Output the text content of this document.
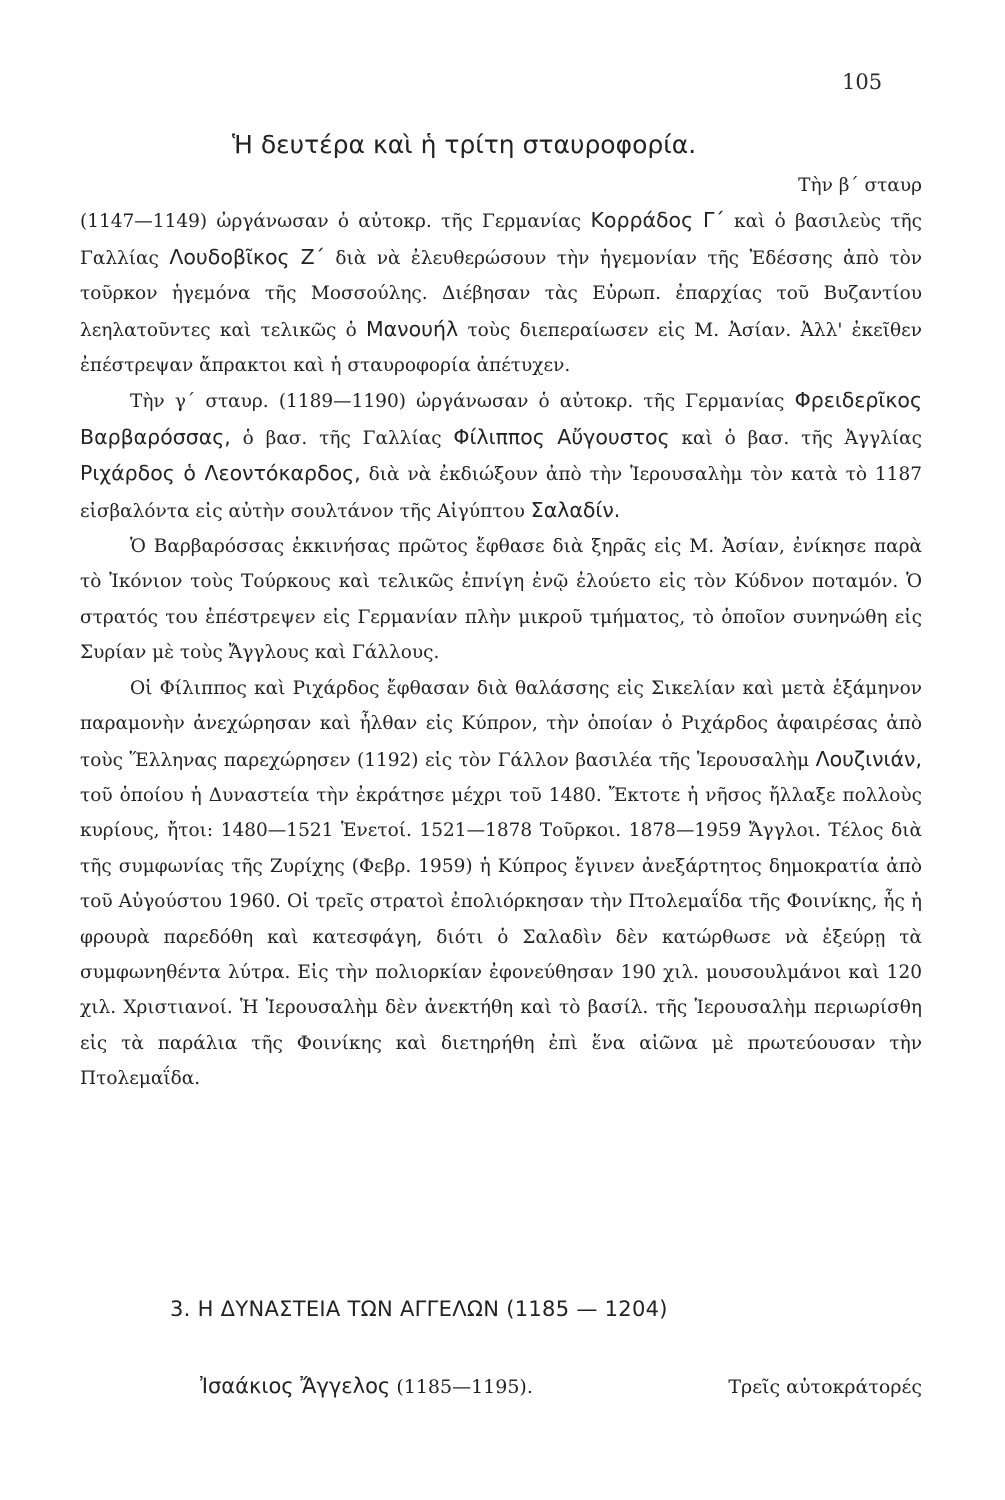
105
Ἡ δευτέρα καὶ ἡ τρίτη σταυροφορία.

Τὴν β΄ σταυρ

(1147—1149) ὠργάνωσαν ὁ αὐτοκρ. τῆς Γερμανίας Κορράδος Γ΄ καὶ ὁ βασιλεὺς τῆς Γαλλίας Λουδοβῖκος Ζ΄ διὰ νὰ ἐλευθερώσουν τὴν ἡγεμονίαν τῆς Ἐδέσσης ἀπὸ τὸν τοῦρκον ἡγεμόνα τῆς Μοσσούλης. Διέβησαν τὰς Εὐρωπ. ἐπαρχίας τοῦ Βυζαντίου λεηλατοῦντες καὶ τελικῶς ὁ Μανουήλ τοὺς διεπεραίωσεν εἰς Μ. Ἀσίαν. Ἀλλ' ἐκεῖθεν ἐπέστρεψαν ἄπρακτοι καὶ ἡ σταυροφορία ἀπέτυχεν.

Τὴν γ΄ σταυρ. (1189—1190) ὠργάνωσαν ὁ αὐτοκρ. τῆς Γερμανίας Φρειδερῖκος Βαρβαρόσσας, ὁ βασ. τῆς Γαλλίας Φίλιππος Αὔγουστος καὶ ὁ βασ. τῆς Ἀγγλίας Ριχάρδος ὁ Λεοντόκαρδος, διὰ νὰ ἐκδιώξουν ἀπὸ τὴν Ἱερουσαλὴμ τὸν κατὰ τὸ 1187 εἰσβαλόντα εἰς αὐτὴν σουλτάνον τῆς Αἰγύπτου Σαλαδίν.

Ὁ Βαρβαρόσσας ἐκκινήσας πρῶτος ἔφθασε διὰ ξηρᾶς εἰς Μ. Ἀσίαν, ἐνίκησε παρὰ τὸ Ἰκόνιον τοὺς Τούρκους καὶ τελικῶς ἐπνίγη ἐνῷ ἐλούετο εἰς τὸν Κύδνον ποταμόν. Ὁ στρατός του ἐπέστρεψεν εἰς Γερμανίαν πλὴν μικροῦ τμήματος, τὸ ὁποῖον συνηνώθη εἰς Συρίαν μὲ τοὺς Ἄγγλους καὶ Γάλλους.

Οἱ Φίλιππος καὶ Ριχάρδος ἔφθασαν διὰ θαλάσσης εἰς Σικελίαν καὶ μετὰ ἑξάμηνον παραμονὴν ἀνεχώρησαν καὶ ἦλθαν εἰς Κύπρον, τὴν ὁποίαν ὁ Ριχάρδος ἀφαιρέσας ἀπὸ τοὺς Ἕλληνας παρεχώρησεν (1192) εἰς τὸν Γάλλον βασιλέα τῆς Ἱερουσαλὴμ Λουζινιάν, τοῦ ὁποίου ἡ Δυναστεία τὴν ἐκράτησε μέχρι τοῦ 1480. Ἔκτοτε ἡ νῆσος ἤλλαξε πολλοὺς κυρίους, ἤτοι: 1480—1521 Ἑνετοί. 1521—1878 Τοῦρκοι. 1878—1959 Ἄγγλοι. Τέλος διὰ τῆς συμφωνίας τῆς Ζυρίχης (Φεβρ. 1959) ἡ Κύπρος ἔγινεν ἀνεξάρτητος δημοκρατία ἀπὸ τοῦ Αὐγούστου 1960. Οἱ τρεῖς στρατοὶ ἐπολιόρκησαν τὴν Πτολεμαΐδα τῆς Φοινίκης, ἧς ἡ φρουρὰ παρεδόθη καὶ κατεσφάγη, διότι ὁ Σαλαδὶν δὲν κατώρθωσε νὰ ἐξεύρῃ τὰ συμφωνηθέντα λύτρα. Εἰς τὴν πολιορκίαν ἐφονεύθησαν 190 χιλ. μουσουλμάνοι καὶ 120 χιλ. Χριστιανοί. Ἡ Ἱερουσαλὴμ δὲν ἀνεκτήθη καὶ τὸ βασίλ. τῆς Ἱερουσαλὴμ περιωρίσθη εἰς τὰ παράλια τῆς Φοινίκης καὶ διετηρήθη ἐπὶ ἕνα αἰῶνα μὲ πρωτεύουσαν τὴν Πτολεμαΐδα.

3. Η ΔΥΝΑΣΤΕΙΑ ΤΩΝ ΑΓΓΕΛΩΝ (1185 — 1204)
Ἰσαάκιος Ἄγγελος (1185—1195).	Τρεῖς αὐτοκράτορές
